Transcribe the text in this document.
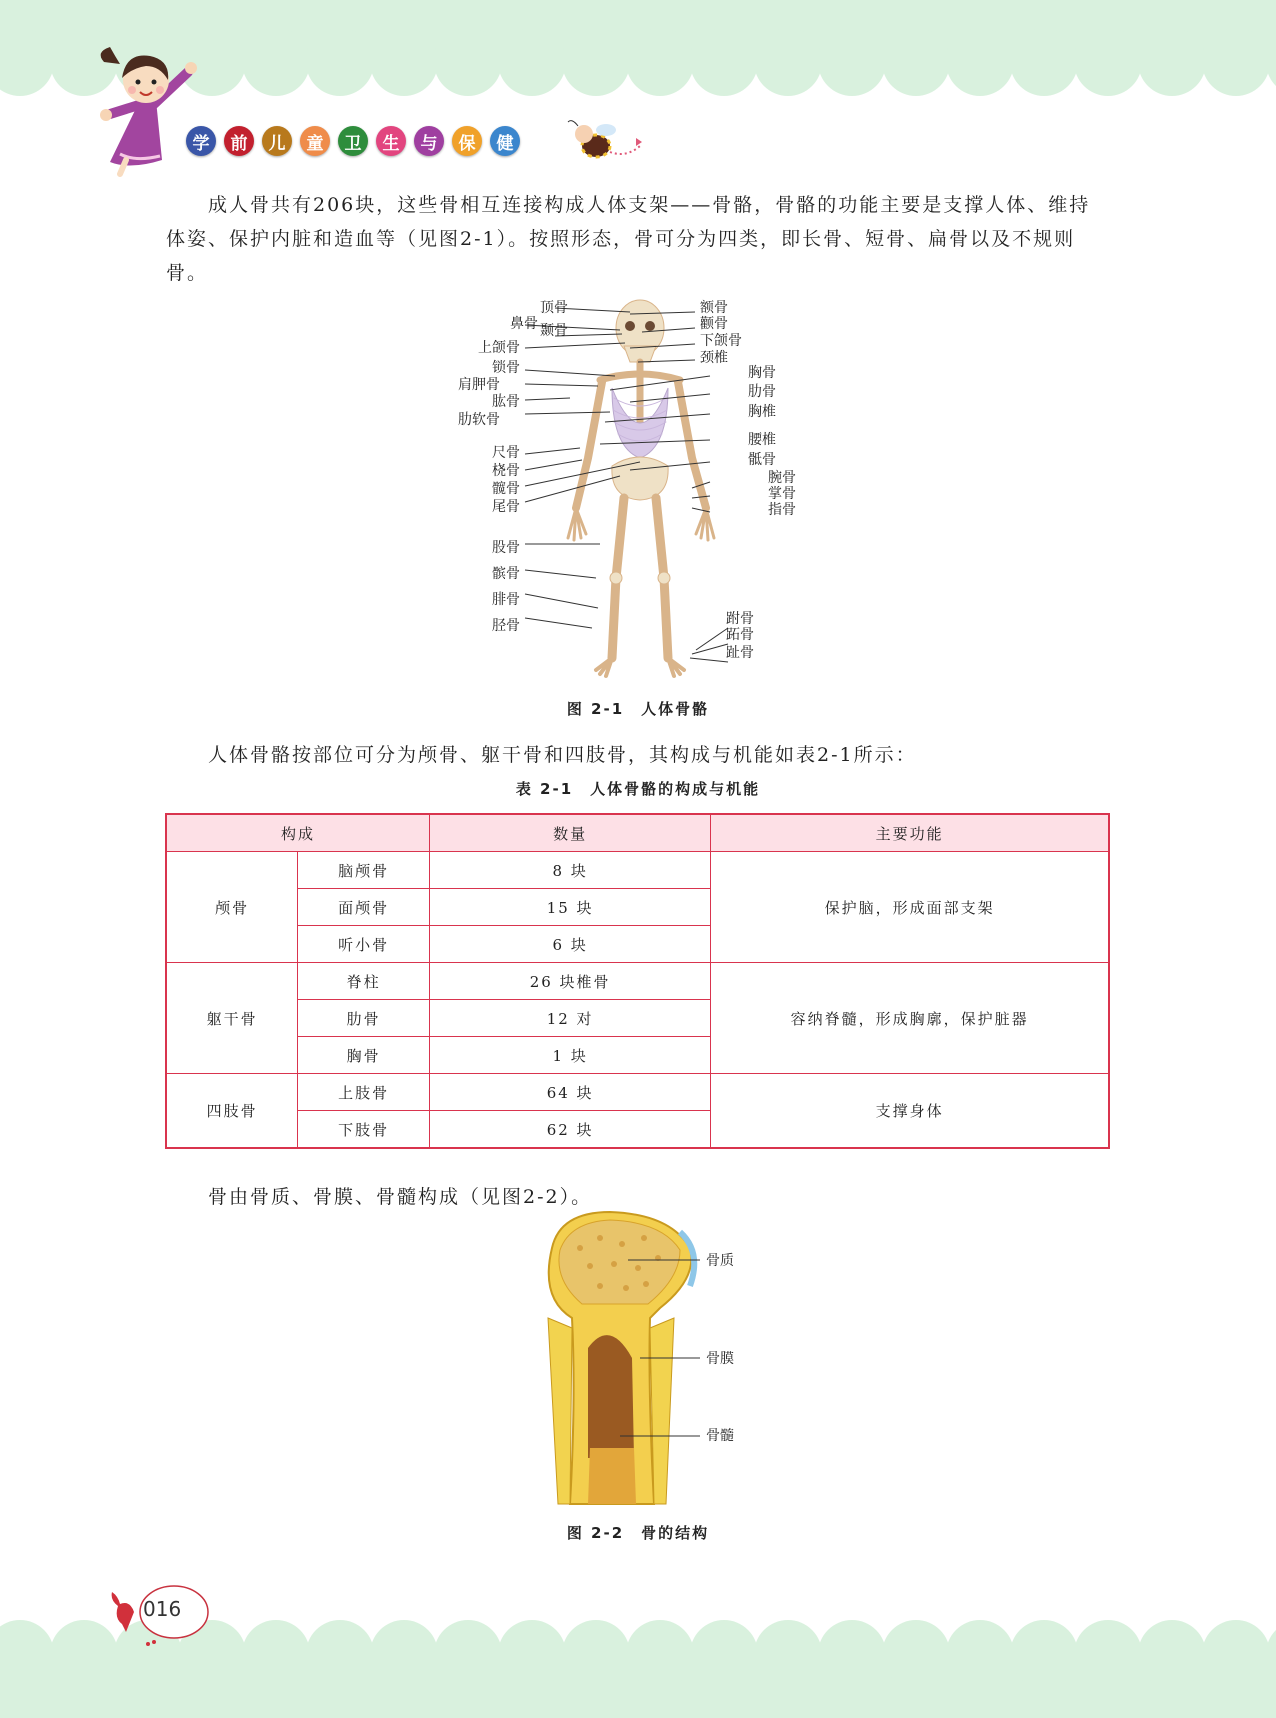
学	前	儿	童	卫	生	与	保	健
成人骨共有206块，这些骨相互连接构成人体支架——骨骼，骨骼的功能主要是支撑人体、维持体姿、保护内脏和造血等（见图2-1）。按照形态，骨可分为四类，即长骨、短骨、扁骨以及不规则骨。
顶骨
鼻骨 颞骨
上颌骨
锁骨
肩胛骨
肱骨
肋软骨
尺骨
桡骨
髋骨
尾骨
股骨
髌骨
腓骨
胫骨
额骨
颧骨
下颌骨
颈椎
胸骨
肋骨
胸椎
腰椎
骶骨
腕骨
掌骨
指骨
跗骨
跖骨
趾骨
图 2-1　人体骨骼
人体骨骼按部位可分为颅骨、躯干骨和四肢骨，其构成与机能如表2-1所示：
表 2-1　人体骨骼的构成与机能
构成		数量	主要功能
颅骨	脑颅骨	8 块	保护脑，形成面部支架
	面颅骨	15 块	
	听小骨	6 块	
躯干骨	脊柱	26 块椎骨	容纳脊髓，形成胸廓，保护脏器
	肋骨	12 对	
	胸骨	1 块	
四肢骨	上肢骨	64 块	支撑身体
	下肢骨	62 块	
骨由骨质、骨膜、骨髓构成（见图2-2）。
骨质
骨膜
骨髓
图 2-2　骨的结构
016
